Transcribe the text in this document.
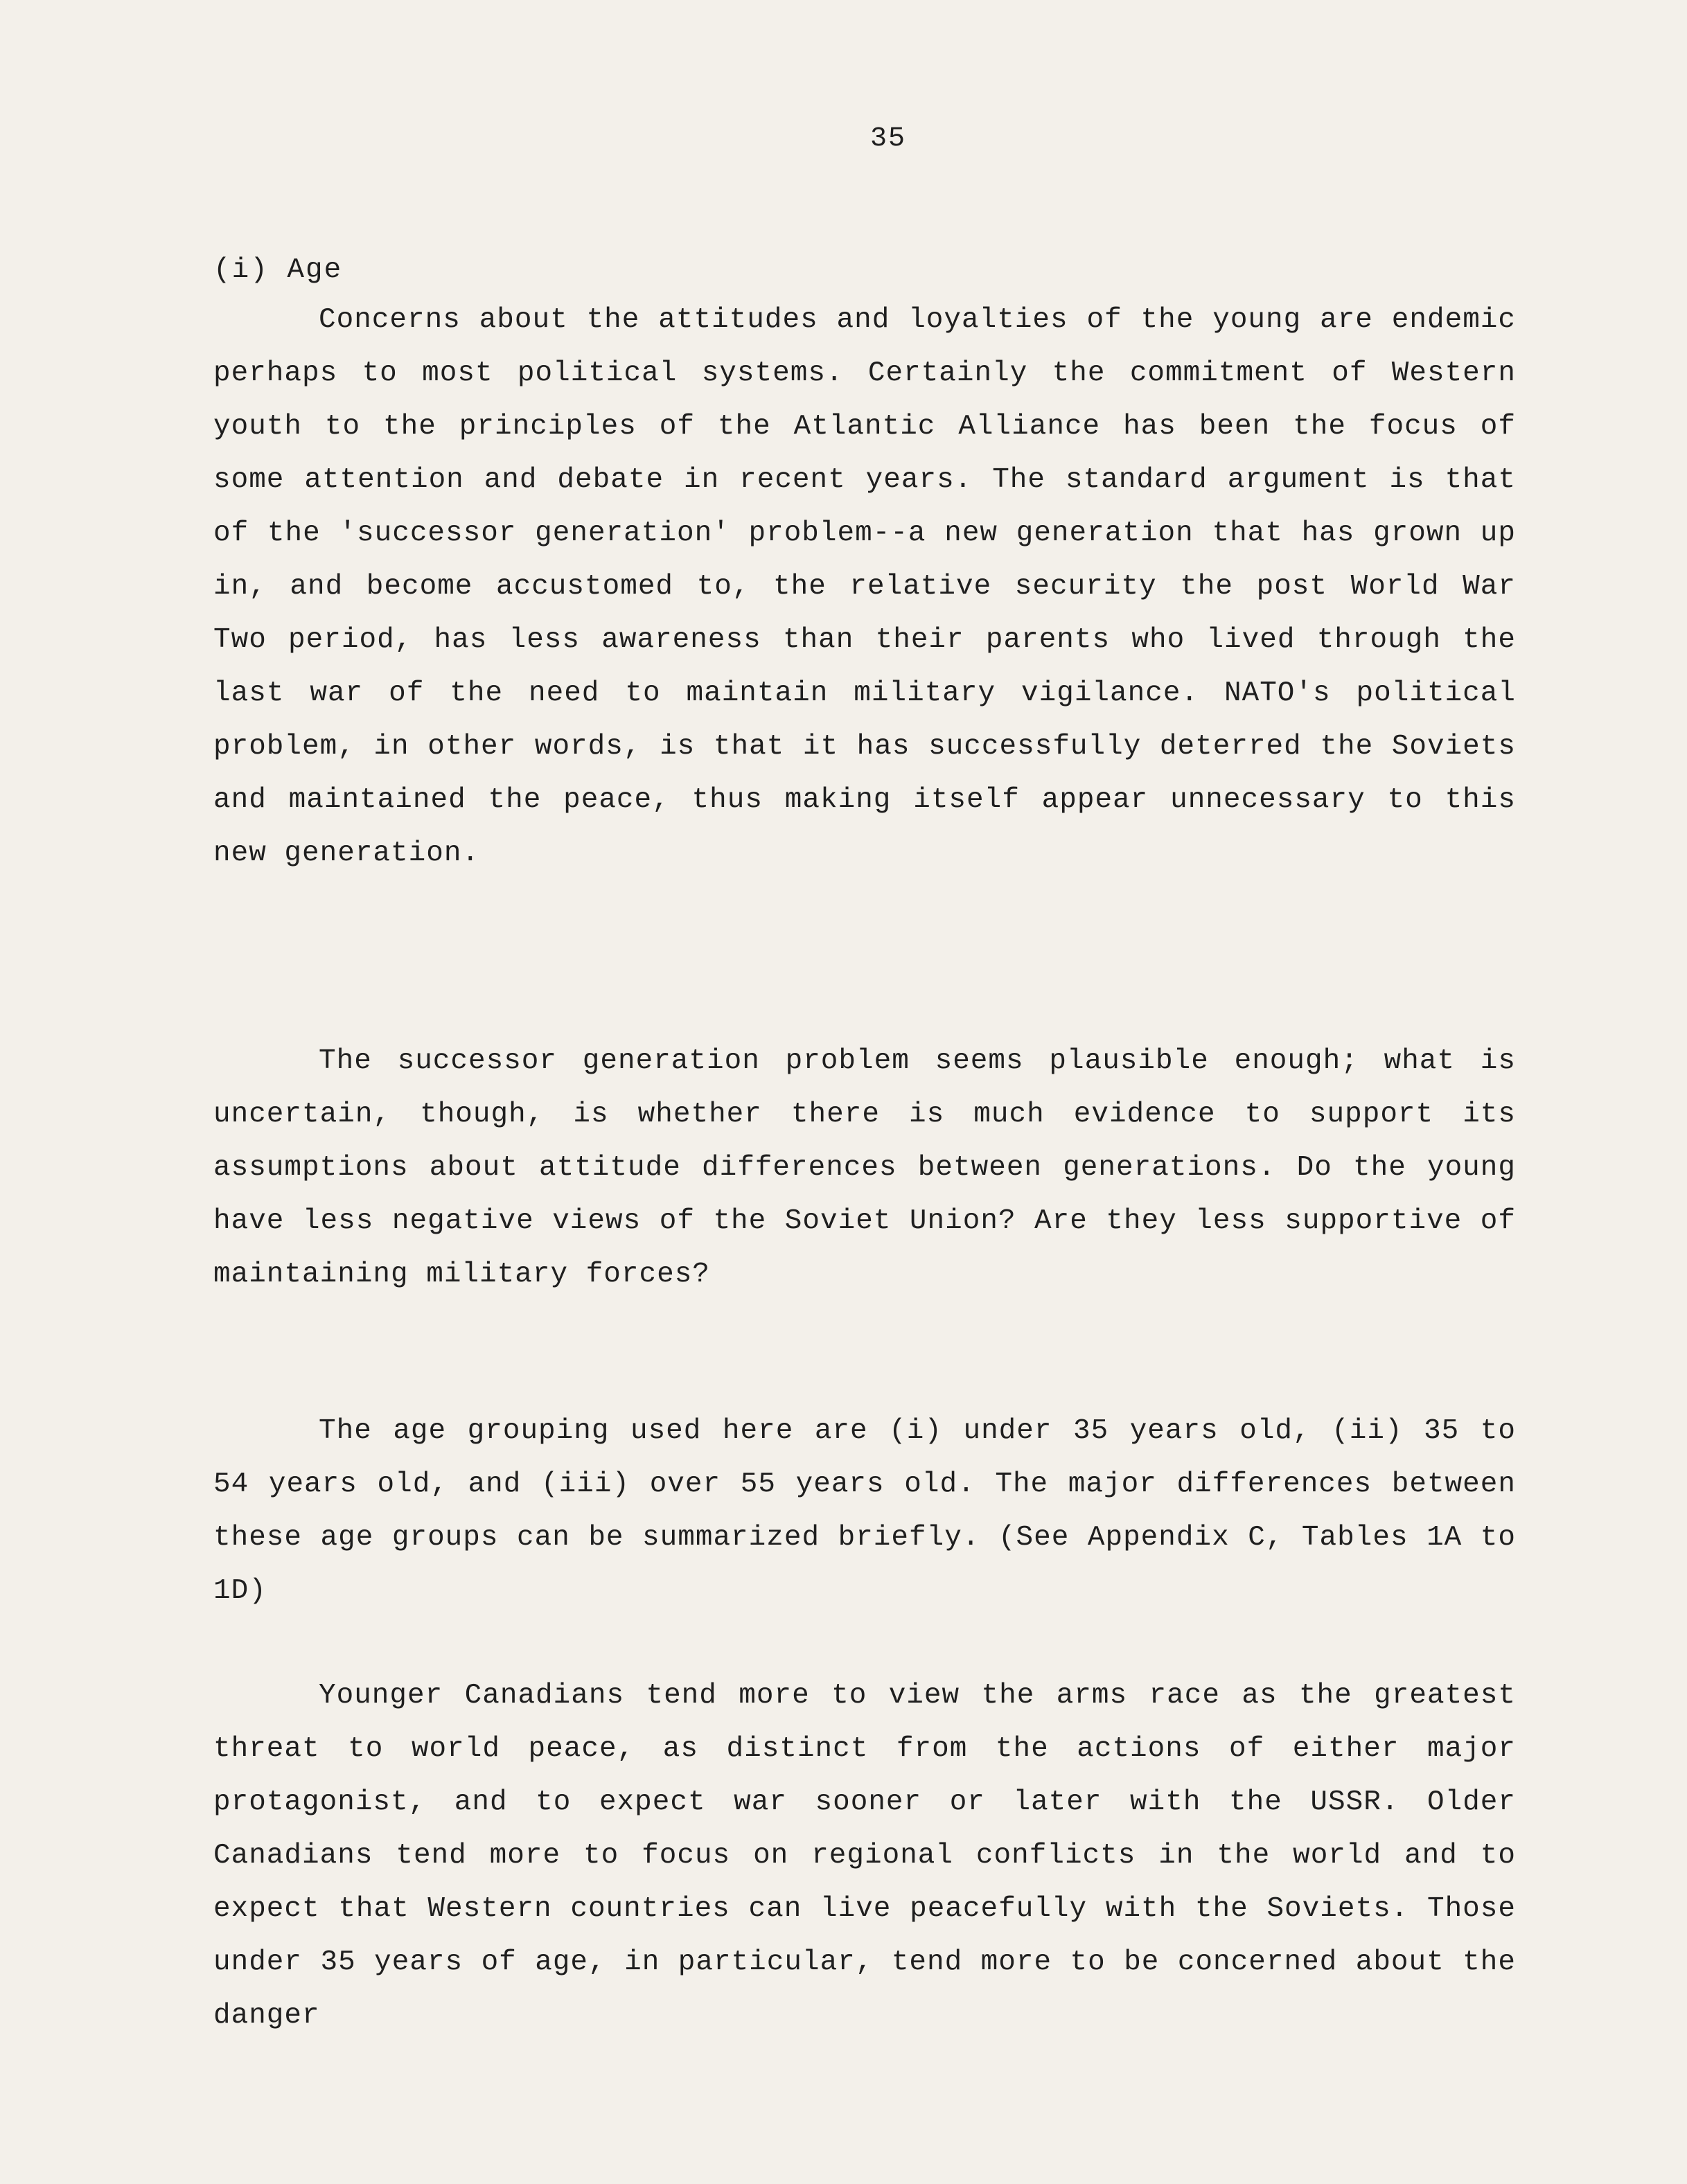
35
(i) Age

Concerns about the attitudes and loyalties of the young are endemic perhaps to most political systems. Certainly the commitment of Western youth to the principles of the Atlantic Alliance has been the focus of some attention and debate in recent years. The standard argument is that of the 'successor generation' problem--a new generation that has grown up in, and become accustomed to, the relative security the post World War Two period, has less awareness than their parents who lived through the last war of the need to maintain military vigilance. NATO's political problem, in other words, is that it has successfully deterred the Soviets and maintained the peace, thus making itself appear unnecessary to this new generation.

The successor generation problem seems plausible enough; what is uncertain, though, is whether there is much evidence to support its assumptions about attitude differences between generations. Do the young have less negative views of the Soviet Union? Are they less supportive of maintaining military forces?

The age grouping used here are (i) under 35 years old, (ii) 35 to 54 years old, and (iii) over 55 years old. The major differences between these age groups can be summarized briefly. (See Appendix C, Tables 1A to 1D)

Younger Canadians tend more to view the arms race as the greatest threat to world peace, as distinct from the actions of either major protagonist, and to expect war sooner or later with the USSR. Older Canadians tend more to focus on regional conflicts in the world and to expect that Western countries can live peacefully with the Soviets. Those under 35 years of age, in particular, tend more to be concerned about the danger
